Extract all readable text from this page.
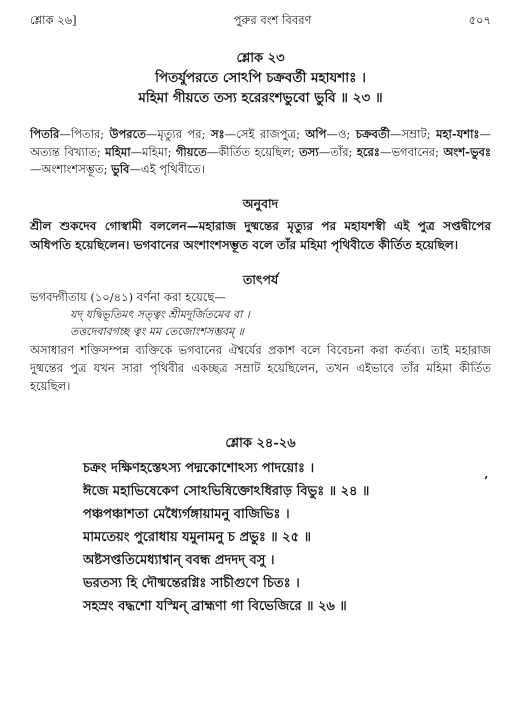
শ্লোক ২৬]	পুরুর বংশ বিবরণ	৫০৭
শ্লোক ২৩
পিতর্যুপরতে সোঽপি চক্রবর্তী মহাযশাঃ ।
মহিমা গীয়তে তস্য হরেরংশভুবো ভুবি ॥ ২৩ ॥
পিতরি—পিতার; উপরতে—মৃত্যুর পর; সঃ—সেই রাজপুত্র; অপি—ও; চক্রবর্তী—সম্রাট; মহা-যশাঃ—অত্যন্ত বিখ্যাত; মহিমা—মহিমা; গীয়তে—কীর্তিত হয়েছিল; তস্য—তাঁর; হরেঃ—ভগবানের; অংশ-ভুবঃ—অংশাংশসম্ভূত; ভুবি—এই পৃথিবীতে।
অনুবাদ
শ্রীল শুকদেব গোস্বামী বললেন—মহারাজ দুষ্মন্তের মৃত্যুর পর মহাযশস্বী এই পুত্র সপ্তদ্বীপের অধিপতি হয়েছিলেন। ভগবানের অংশাংশসম্ভূত বলে তাঁর মহিমা পৃথিবীতে কীর্তিত হয়েছিল।
তাৎপর্য
ভগবদ্গীতায় (১০/৪১) বর্ণনা করা হয়েছে—
যদ্ যদ্বিভূতিমৎ সত্ত্বং শ্রীমদূর্জিতমেব বা ।
তত্তদেবাবগচ্ছ ত্বং মম তেজোংশসম্ভবম্ ॥
অসাধারণ শক্তিসম্পন্ন ব্যক্তিকে ভগবানের ঐশ্বর্যের প্রকাশ বলে বিবেচনা করা কর্তব্য। তাই মহারাজ দুষ্মন্তের পুত্র যখন সারা পৃথিবীর একচ্ছত্র সম্রাট হয়েছিলেন, তখন এইভাবে তাঁর মহিমা কীর্তিত হয়েছিল।
শ্লোক ২৪-২৬
চক্রং দক্ষিণহস্তেঽস্য পদ্মকোশোঽস্য পাদয়োঃ ।
ঈজে মহাভিষেকেণ সোঽভিষিক্তোঽধিরাড় বিভুঃ ॥ ২৪ ॥
পঞ্চপঞ্চাশতা মেধ্যৈর্গঙ্গায়ামনু বাজিভিঃ ।
মামতেয়ং পুরোধায় যমুনামনু চ প্রভুঃ ॥ ২৫ ॥
অষ্টসপ্ততিমেধ্যাশ্বান্ ববন্ধ প্রদদদ্ বসু ।
ভরতস্য হি দৌষ্মন্তেরগ্নিঃ সাচীগুণে চিতঃ ।
সহস্রং বদ্ধশো যস্মিন্ ব্রাহ্মণা গা বিভেজিরে ॥ ২৬ ॥
’
